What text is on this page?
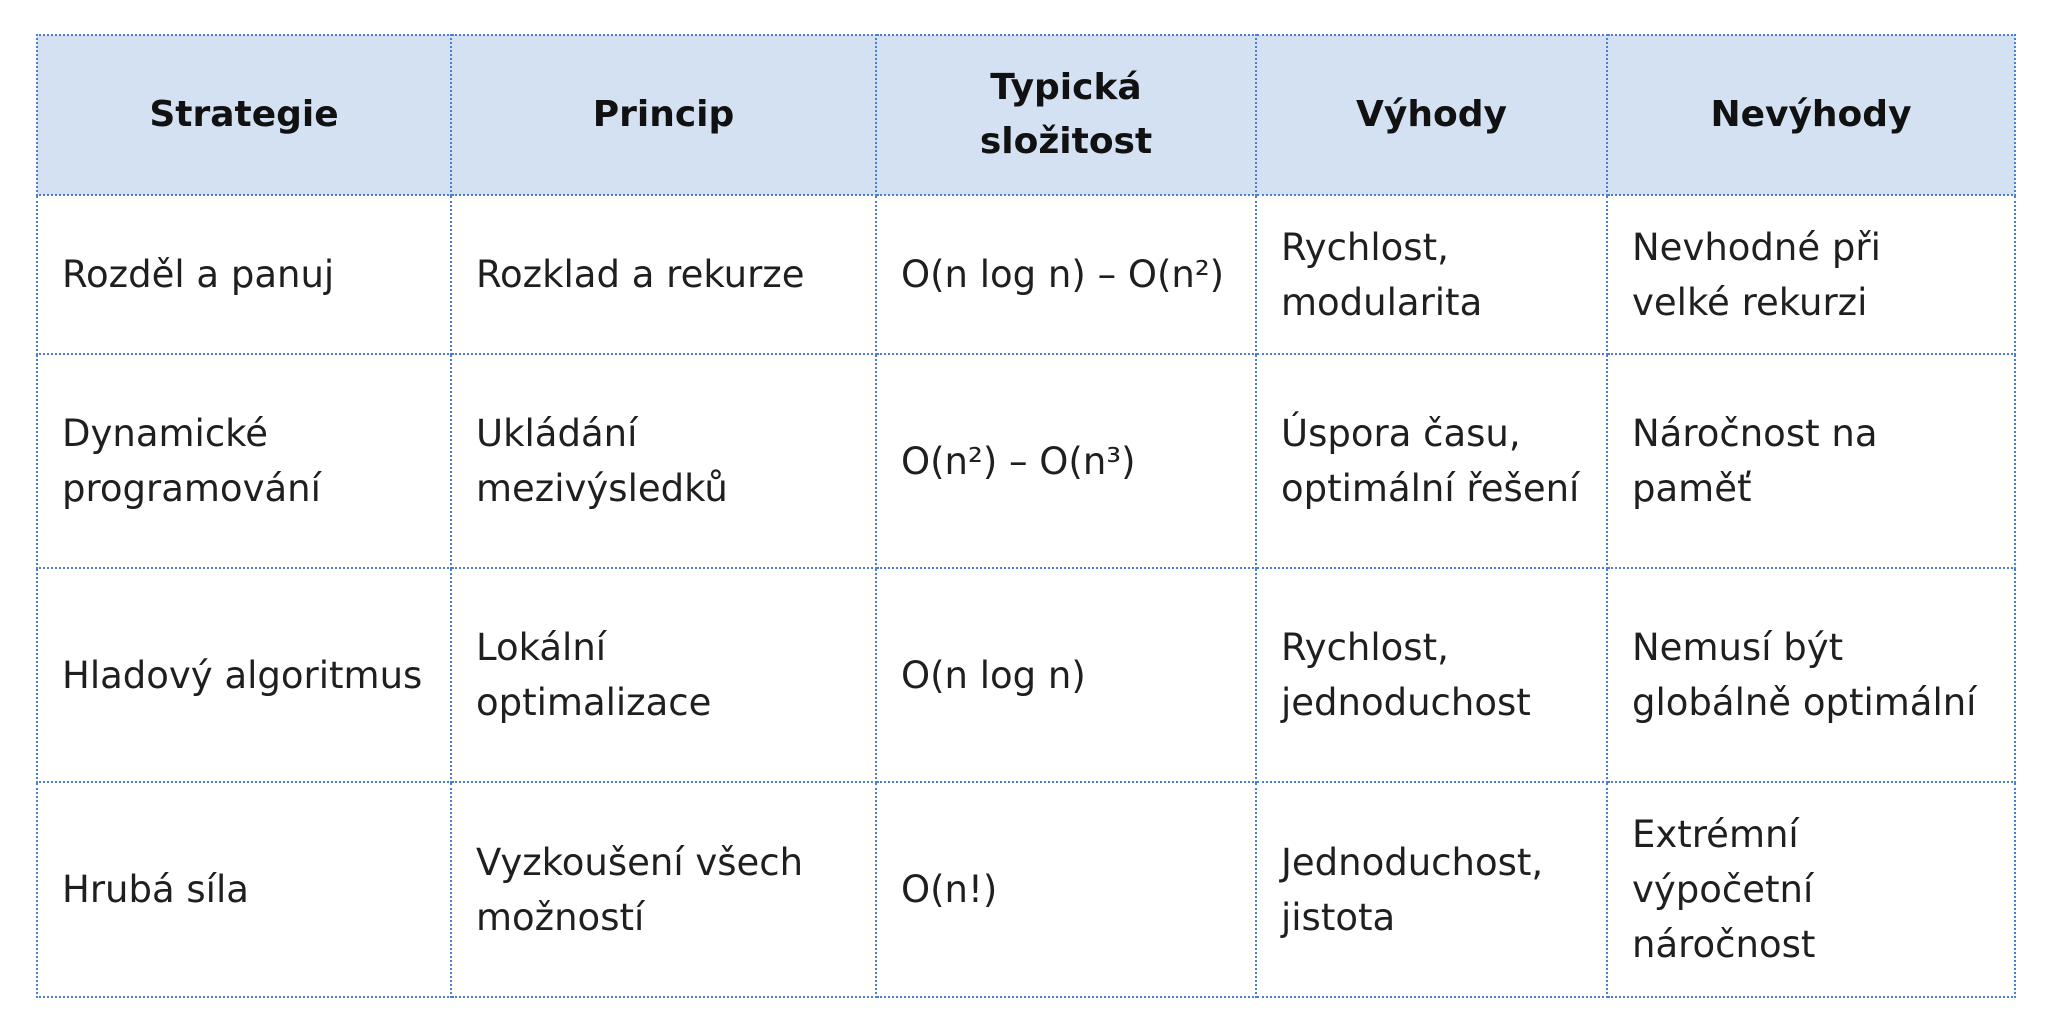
Strategie	Princip	Typická složitost	Výhody	Nevýhody
Rozděl a panuj	Rozklad a rekurze	O(n log n) – O(n²)	Rychlost, modularita	Nevhodné při velké rekurzi
Dynamické programování	Ukládání mezivýsledků	O(n²) – O(n³)	Úspora času, optimální řešení	Náročnost na paměť
Hladový algoritmus	Lokální optimalizace	O(n log n)	Rychlost, jednoduchost	Nemusí být globálně optimální
Hrubá síla	Vyzkoušení všech možností	O(n!)	Jednoduchost, jistota	Extrémní výpočetní náročnost
